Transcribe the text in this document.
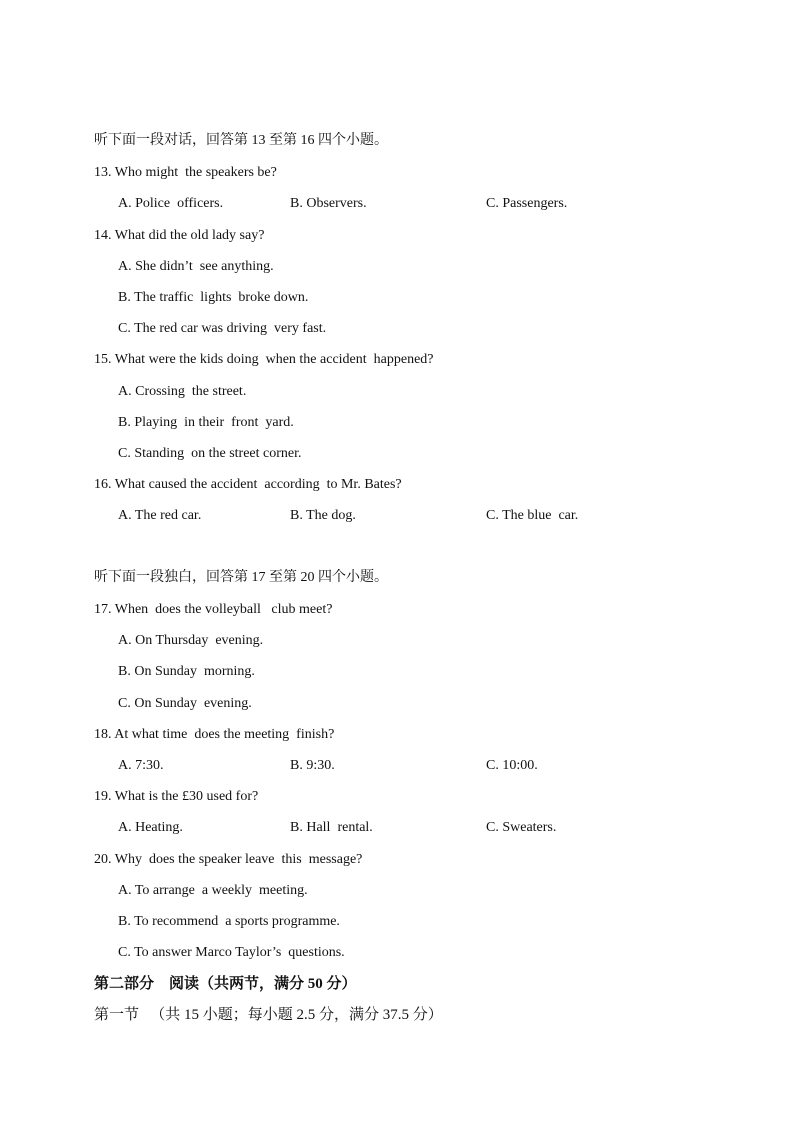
听下面一段对话，回答第 13 至第 16 四个小题。
13. Who might  the speakers be?
A. Police  officers.	B. Observers.	C. Passengers.
14. What did the old lady say?
A. She didn’t  see anything.
B. The traffic  lights  broke down.
C. The red car was driving  very fast.
15. What were the kids doing  when the accident  happened?
A. Crossing  the street.
B. Playing  in their  front  yard.
C. Standing  on the street corner.
16. What caused the accident  according  to Mr. Bates?
A. The red car.	B. The dog.	C. The blue  car.
听下面一段独白，回答第 17 至第 20 四个小题。
17. When  does the volleyball   club meet?
A. On Thursday  evening.
B. On Sunday  morning.
C. On Sunday  evening.
18. At what time  does the meeting  finish?
A. 7:30.	B. 9:30.	C. 10:00.
19. What is the £30 used for?
A. Heating.	B. Hall  rental.	C. Sweaters.
20. Why  does the speaker leave  this  message?
A. To arrange  a weekly  meeting.
B. To recommend  a sports programme.
C. To answer Marco Taylor’s  questions.
第二部分    阅读（共两节，满分 50 分）
第一节   （共 15 小题；每小题 2.5 分，满分 37.5 分）
